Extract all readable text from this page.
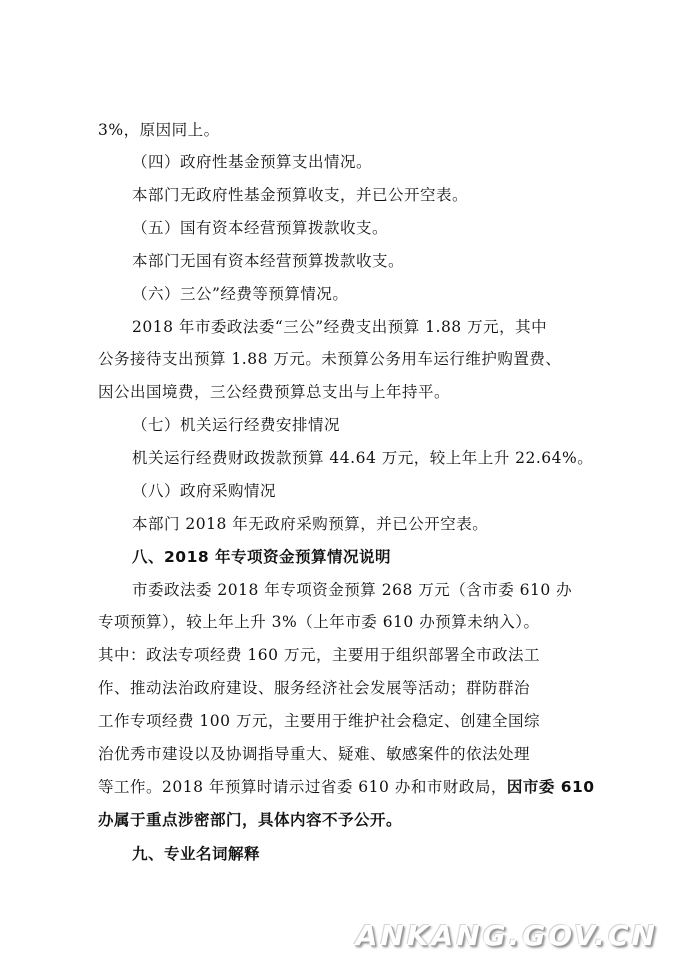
3%，原因同上。
（四）政府性基金预算支出情况。
本部门无政府性基金预算收支，并已公开空表。
（五）国有资本经营预算拨款收支。
本部门无国有资本经营预算拨款收支。
（六）三公”经费等预算情况。
2018 年市委政法委“三公”经费支出预算 1.88 万元，其中
公务接待支出预算 1.88 万元。未预算公务用车运行维护购置费、
因公出国境费，三公经费预算总支出与上年持平。
（七）机关运行经费安排情况
机关运行经费财政拨款预算 44.64 万元，较上年上升 22.64%。
（八）政府采购情况
本部门 2018 年无政府采购预算，并已公开空表。
八、2018 年专项资金预算情况说明
市委政法委 2018 年专项资金预算 268 万元（含市委 610 办
专项预算），较上年上升 3%（上年市委 610 办预算未纳入）。
其中：政法专项经费 160 万元，主要用于组织部署全市政法工
作、推动法治政府建设、服务经济社会发展等活动；群防群治
工作专项经费 100 万元，主要用于维护社会稳定、创建全国综
治优秀市建设以及协调指导重大、疑难、敏感案件的依法处理
等工作。2018 年预算时请示过省委 610 办和市财政局，因市委 610
办属于重点涉密部门，具体内容不予公开。
九、专业名词解释
ANKANG.GOV.CN
